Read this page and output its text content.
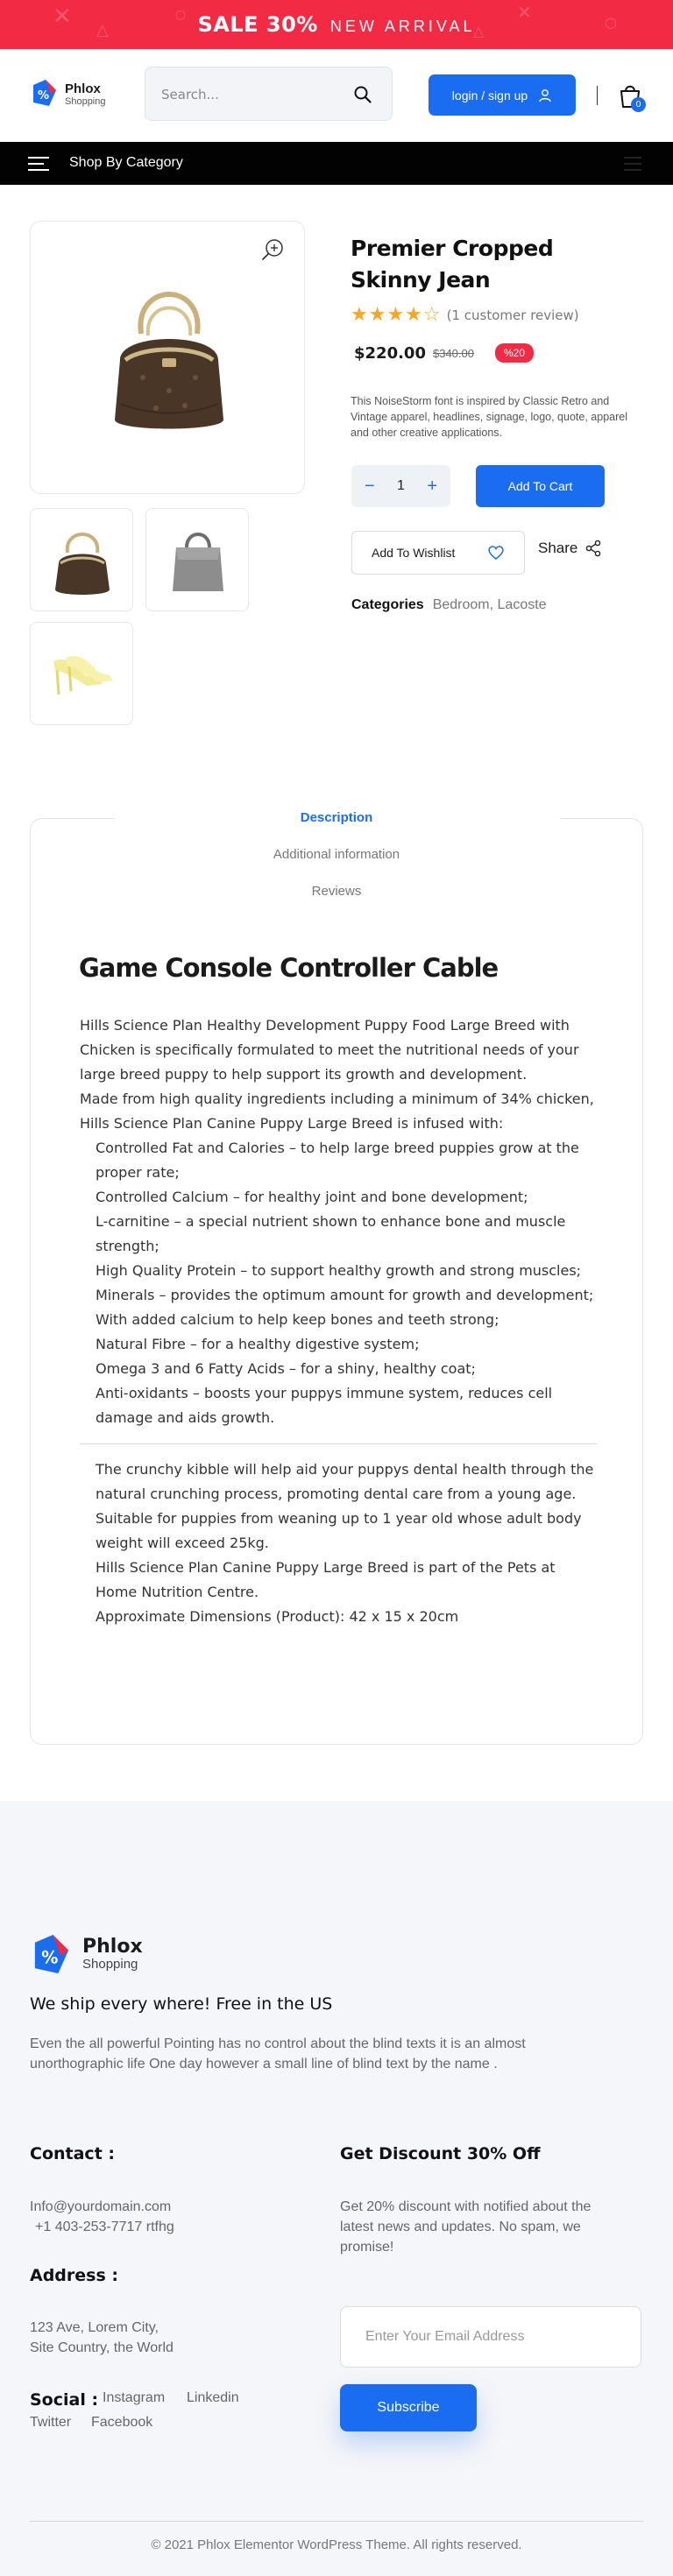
✕
△
○	✕
△
○
SALE 30% NEW ARRIVAL
%	Phlox
Shopping
Search...	login / sign up
0
Shop By Category
Premier Cropped Skinny Jean
★★★★☆ (1 customer review)
$220.00 $340.00	%20

This NoiseStorm font is inspired by Classic Retro and Vintage apparel, headlines, signage, logo, quote, apparel and other creative applications.

− 1 +	Add To Cart
Add To Wishlist	Share
Categories Bedroom, Lacoste
Description
Additional information
Reviews
Game Console Controller Cable

Hills Science Plan Healthy Development Puppy Food Large Breed with Chicken is specifically formulated to meet the nutritional needs of your large breed puppy to help support its growth and development.

Made from high quality ingredients including a minimum of 34% chicken, Hills Science Plan Canine Puppy Large Breed is infused with:

Controlled Fat and Calories – to help large breed puppies grow at the proper rate;
Controlled Calcium – for healthy joint and bone development;
L-carnitine – a special nutrient shown to enhance bone and muscle strength;
High Quality Protein – to support healthy growth and strong muscles;
Minerals – provides the optimum amount for growth and development;
With added calcium to help keep bones and teeth strong;
Natural Fibre – for a healthy digestive system;
Omega 3 and 6 Fatty Acids – for a shiny, healthy coat;
Anti-oxidants – boosts your puppys immune system, reduces cell damage and aids growth.
The crunchy kibble will help aid your puppys dental health through the natural crunching process, promoting dental care from a young age.
Suitable for puppies from weaning up to 1 year old whose adult body weight will exceed 25kg.
Hills Science Plan Canine Puppy Large Breed is part of the Pets at Home Nutrition Centre.
Approximate Dimensions (Product): 42 x 15 x 20cm
%
Phlox
Shopping
We ship every where! Free in the US

Even the all powerful Pointing has no control about the blind texts it is an almost unorthographic life One day however a small line of blind text by the name .

Contact :
Info@yourdomain.com
+1 403-253-7717 rtfhg
Address :
123 Ave, Lorem City,
Site Country, the World
Social : Instagram Linkedin
Twitter Facebook
Get Discount 30% Off
Get 20% discount with notified about the
latest news and updates. No spam, we
promise!
Enter Your Email Address
Subscribe
© 2021 Phlox Elementor WordPress Theme. All rights reserved.
